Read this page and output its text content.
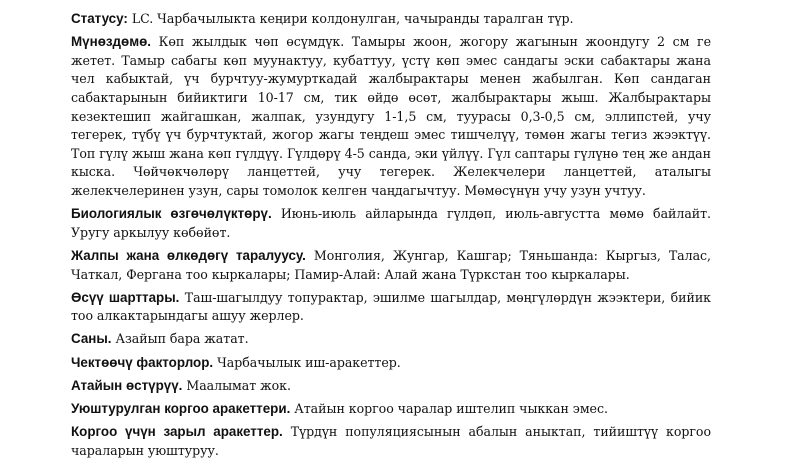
Статусу: LC. Чарбачылыкта кеңири колдонулган, чачыранды таралган түр.

Мүнөздөмө. Көп жылдык чөп өсүмдүк. Тамыры жоон, жогору жагынын жоондугу 2 см ге жетет. Тамыр сабагы көп муунактуу, кубаттуу, үстү көп эмес сандагы эски сабактары жана чел кабыктай, үч бурчтуу-жумурткадай жалбырактары менен жабылган. Көп сандаган сабактарынын бийиктиги 10-17 см, тик өйдө өсөт, жалбырактары жыш. Жалбырактары кезектешип жайгашкан, жалпак, узундугу 1-1,5 см, туурасы 0,3-0,5 см, эллипстей, учу тегерек, түбү үч бурчтуктай, жогор жагы теңдеш эмес тишчелүү, төмөн жагы тегиз жээктүү. Топ гүлү жыш жана көп гүлдүү. Гүлдөрү 4-5 санда, эки үйлүү. Гүл саптары гүлүнө тең же андан кыска. Чөйчөкчөлөрү ланцеттей, учу тегерек. Желекчелери ланцеттей, аталыгы желекчелеринен узун, сары томолок келген чаңдагычтуу. Мөмөсүнүн учу узун учтуу.

Биологиялык өзгөчөлүктөрү. Июнь-июль айларында гүлдөп, июль-августта мөмө байлайт. Уругу аркылуу көбөйөт.

Жалпы жана өлкөдөгү таралуусу. Монголия, Жунгар, Кашгар; Тяньшанда: Кыргыз, Талас, Чаткал, Фергана тоо кыркалары; Памир-Алай: Алай жана Түркстан тоо кыркалары.

Өсүү шарттары. Таш-шагылдуу топурактар, эшилме шагылдар, мөңгүлөрдүн жээктери, бийик тоо алкактарындагы ашуу жерлер.

Саны. Азайып бара жатат.

Чектөөчү факторлор. Чарбачылык иш-аракеттер.

Атайын өстүрүү. Маалымат жок.

Уюштурулган коргоо аракеттери. Атайын коргоо чаралар иштелип чыккан эмес.

Коргоо үчүн зарыл аракеттер. Түрдүн популяциясынын абалын аныктап, тийиштүү коргоо чараларын уюштуруу.
